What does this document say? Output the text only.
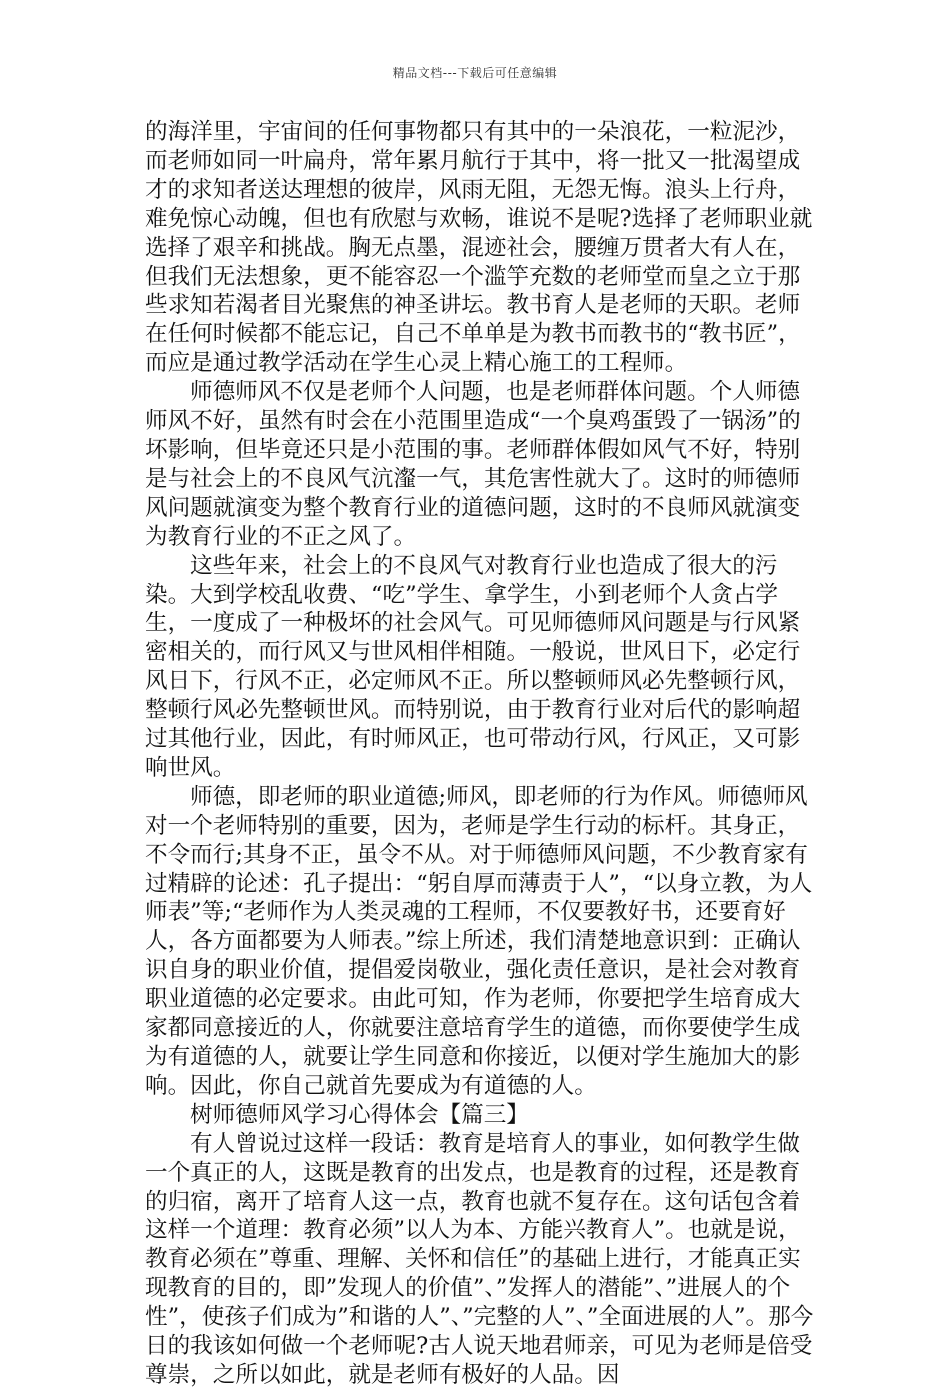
精品文档---下载后可任意编辑

的海洋里，宇宙间的任何事物都只有其中的一朵浪花，一粒泥沙，而老师如同一叶扁舟，常年累月航行于其中，将一批又一批渴望成才的求知者送达理想的彼岸，风雨无阻，无怨无悔。浪头上行舟，难免惊心动魄，但也有欣慰与欢畅，谁说不是呢?选择了老师职业就选择了艰辛和挑战。胸无点墨，混迹社会，腰缠万贯者大有人在，但我们无法想象，更不能容忍一个滥竽充数的老师堂而皇之立于那些求知若渴者目光聚焦的神圣讲坛。教书育人是老师的天职。老师在任何时候都不能忘记，自己不单单是为教书而教书的“教书匠”，而应是通过教学活动在学生心灵上精心施工的工程师。

师德师风不仅是老师个人问题，也是老师群体问题。个人师德师风不好，虽然有时会在小范围里造成“一个臭鸡蛋毁了一锅汤”的坏影响，但毕竟还只是小范围的事。老师群体假如风气不好，特别是与社会上的不良风气沆瀣一气，其危害性就大了。这时的师德师风问题就演变为整个教育行业的道德问题，这时的不良师风就演变为教育行业的不正之风了。

这些年来，社会上的不良风气对教育行业也造成了很大的污染。大到学校乱收费、“吃”学生、拿学生，小到老师个人贪占学生，一度成了一种极坏的社会风气。可见师德师风问题是与行风紧密相关的，而行风又与世风相伴相随。一般说，世风日下，必定行风日下，行风不正，必定师风不正。所以整顿师风必先整顿行风，整顿行风必先整顿世风。而特别说，由于教育行业对后代的影响超过其他行业，因此，有时师风正，也可带动行风，行风正，又可影响世风。

师德，即老师的职业道德;师风，即老师的行为作风。师德师风对一个老师特别的重要，因为，老师是学生行动的标杆。其身正，不令而行;其身不正，虽令不从。对于师德师风问题，不少教育家有过精辟的论述：孔子提出：“躬自厚而薄责于人”，“以身立教，为人师表”等;“老师作为人类灵魂的工程师，不仅要教好书，还要育好人，各方面都要为人师表。”综上所述，我们清楚地意识到：正确认识自身的职业价值，提倡爱岗敬业，强化责任意识，是社会对教育职业道德的必定要求。由此可知，作为老师，你要把学生培育成大家都同意接近的人，你就要注意培育学生的道德，而你要使学生成为有道德的人，就要让学生同意和你接近，以便对学生施加大的影响。因此，你自己就首先要成为有道德的人。

树师德师风学习心得体会【篇三】

有人曾说过这样一段话：教育是培育人的事业，如何教学生做一个真正的人，这既是教育的出发点，也是教育的过程，还是教育的归宿，离开了培育人这一点，教育也就不复存在。这句话包含着这样一个道理：教育必须”以人为本、方能兴教育人”。也就是说，教育必须在”尊重、理解、关怀和信任”的基础上进行，才能真正实现教育的目的，即”发现人的价值”、”发挥人的潜能”、”进展人的个性”，使孩子们成为”和谐的人”、”完整的人”、”全面进展的人”。那今日的我该如何做一个老师呢?古人说天地君师亲，可见为老师是倍受尊崇，之所以如此，就是老师有极好的人品。因
